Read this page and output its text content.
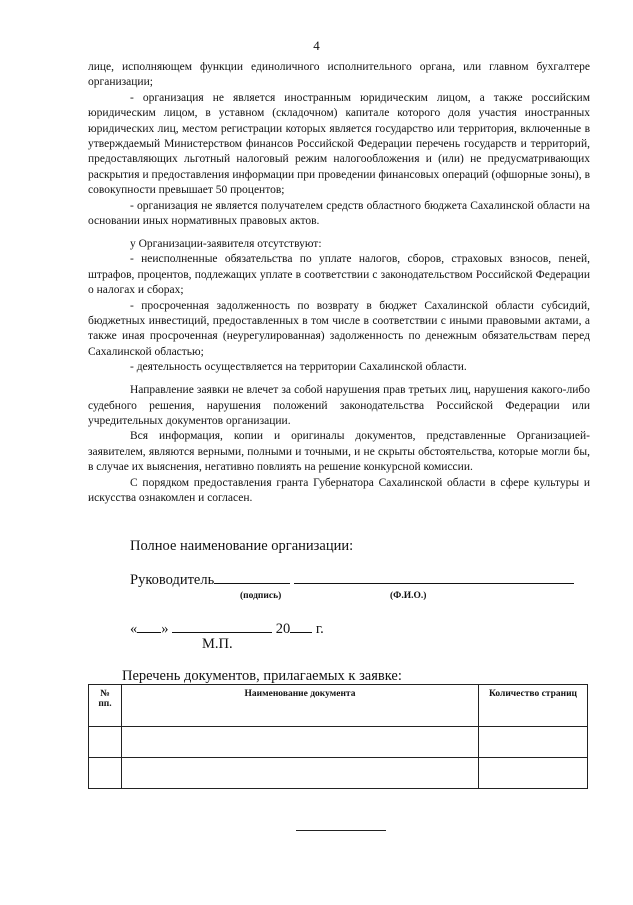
4

лице, исполняющем функции единоличного исполнительного органа, или главном бухгалтере организации;

- организация не является иностранным юридическим лицом, а также российским юридическим лицом, в уставном (складочном) капитале которого доля участия иностранных юридических лиц, местом регистрации которых является государство или территория, включенные в утверждаемый Министерством финансов Российской Федерации перечень государств и территорий, предоставляющих льготный налоговый режим налогообложения и (или) не предусматривающих раскрытия и предоставления информации при проведении финансовых операций (офшорные зоны), в совокупности превышает 50 процентов;

- организация не является получателем средств областного бюджета Сахалинской области на основании иных нормативных правовых актов.

у Организации-заявителя отсутствуют:

- неисполненные обязательства по уплате налогов, сборов, страховых взносов, пеней, штрафов, процентов, подлежащих уплате в соответствии с законодательством Российской Федерации о налогах и сборах;

- просроченная задолженность по возврату в бюджет Сахалинской области субсидий, бюджетных инвестиций, предоставленных в том числе в соответствии с иными правовыми актами, а также иная просроченная (неурегулированная) задолженность по денежным обязательствам перед Сахалинской областью;

- деятельность осуществляется на территории Сахалинской области.

Направление заявки не влечет за собой нарушения прав третьих лиц, нарушения какого-либо судебного решения, нарушения положений законодательства Российской Федерации или учредительных документов организации.

Вся информация, копии и оригиналы документов, представленные Организацией-заявителем, являются верными, полными и точными, и не скрыты обстоятельства, которые могли бы, в случае их выяснения, негативно повлиять на решение конкурсной комиссии.

С порядком предоставления гранта Губернатора Сахалинской области в сфере культуры и искусства ознакомлен и согласен.

Полное наименование организации:
Руководитель
(подпись)	(Ф.И.О.)
« »	20 г.
М.П.
Перечень документов, прилагаемых к заявке:
№ пп.	Наименование документа	Количество страниц
